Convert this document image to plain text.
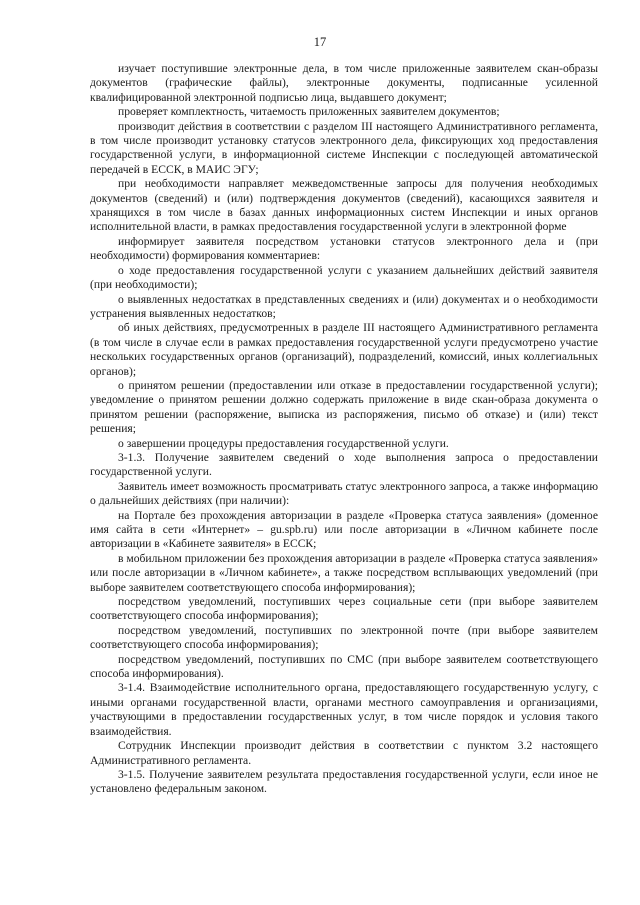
17

изучает поступившие электронные дела, в том числе приложенные заявителем скан-образы документов (графические файлы), электронные документы, подписанные усиленной квалифицированной электронной подписью лица, выдавшего документ;

проверяет комплектность, читаемость приложенных заявителем документов;

производит действия в соответствии с разделом III настоящего Административного регламента, в том числе производит установку статусов электронного дела, фиксирующих ход предоставления государственной услуги, в информационной системе Инспекции с последующей автоматической передачей в ЕССК, в МАИС ЭГУ;

при необходимости направляет межведомственные запросы для получения необходимых документов (сведений) и (или) подтверждения документов (сведений), касающихся заявителя и хранящихся в том числе в базах данных информационных систем Инспекции и иных органов исполнительной власти, в рамках предоставления государственной услуги в электронной форме

информирует заявителя посредством установки статусов электронного дела и (при необходимости) формирования комментариев:

о ходе предоставления государственной услуги с указанием дальнейших действий заявителя (при необходимости);

о выявленных недостатках в представленных сведениях и (или) документах и о необходимости устранения выявленных недостатков;

об иных действиях, предусмотренных в разделе III настоящего Административного регламента (в том числе в случае если в рамках предоставления государственной услуги предусмотрено участие нескольких государственных органов (организаций), подразделений, комиссий, иных коллегиальных органов);

о принятом решении (предоставлении или отказе в предоставлении государственной услуги); уведомление о принятом решении должно содержать приложение в виде скан-образа документа о принятом решении (распоряжение, выписка из распоряжения, письмо об отказе) и (или) текст решения;

о завершении процедуры предоставления государственной услуги.

3-1.3. Получение заявителем сведений о ходе выполнения запроса о предоставлении государственной услуги.

Заявитель имеет возможность просматривать статус электронного запроса, а также информацию о дальнейших действиях (при наличии):

на Портале без прохождения авторизации в разделе «Проверка статуса заявления» (доменное имя сайта в сети «Интернет» – gu.spb.ru) или после авторизации в «Личном кабинете после авторизации в «Кабинете заявителя» в ЕССК;

в мобильном приложении без прохождения авторизации в разделе «Проверка статуса заявления» или после авторизации в «Личном кабинете», а также посредством всплывающих уведомлений (при выборе заявителем соответствующего способа информирования);

посредством уведомлений, поступивших через социальные сети (при выборе заявителем соответствующего способа информирования);

посредством уведомлений, поступивших по электронной почте (при выборе заявителем соответствующего способа информирования);

посредством уведомлений, поступивших по СМС (при выборе заявителем соответствующего способа информирования).

3-1.4. Взаимодействие исполнительного органа, предоставляющего государственную услугу, с иными органами государственной власти, органами местного самоуправления и организациями, участвующими в предоставлении государственных услуг, в том числе порядок и условия такого взаимодействия.

Сотрудник Инспекции производит действия в соответствии с пунктом 3.2 настоящего Административного регламента.

3-1.5. Получение заявителем результата предоставления государственной услуги, если иное не установлено федеральным законом.
